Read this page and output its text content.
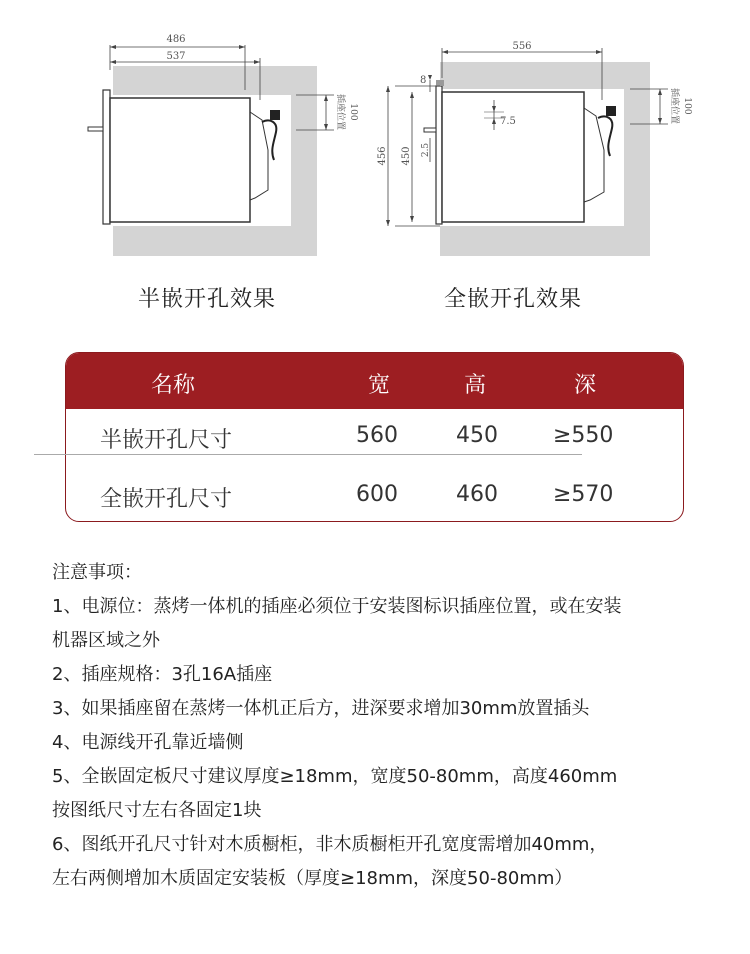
486
537
插座位置 100
556
8
7.5
456 450 2.5
插座位置 100
半嵌开孔效果	全嵌开孔效果
名称	宽	高	深
半嵌开孔尺寸	560	450	≥550
全嵌开孔尺寸	600	460	≥570

注意事项：

1、电源位：蒸烤一体机的插座必须位于安装图标识插座位置，或在安装

机器区域之外

2、插座规格：3孔16A插座

3、如果插座留在蒸烤一体机正后方，进深要求增加30mm放置插头

4、电源线开孔靠近墙侧

5、全嵌固定板尺寸建议厚度≥18mm，宽度50-80mm，高度460mm

按图纸尺寸左右各固定1块

6、图纸开孔尺寸针对木质橱柜，非木质橱柜开孔宽度需增加40mm，

左右两侧增加木质固定安装板（厚度≥18mm，深度50-80mm）
